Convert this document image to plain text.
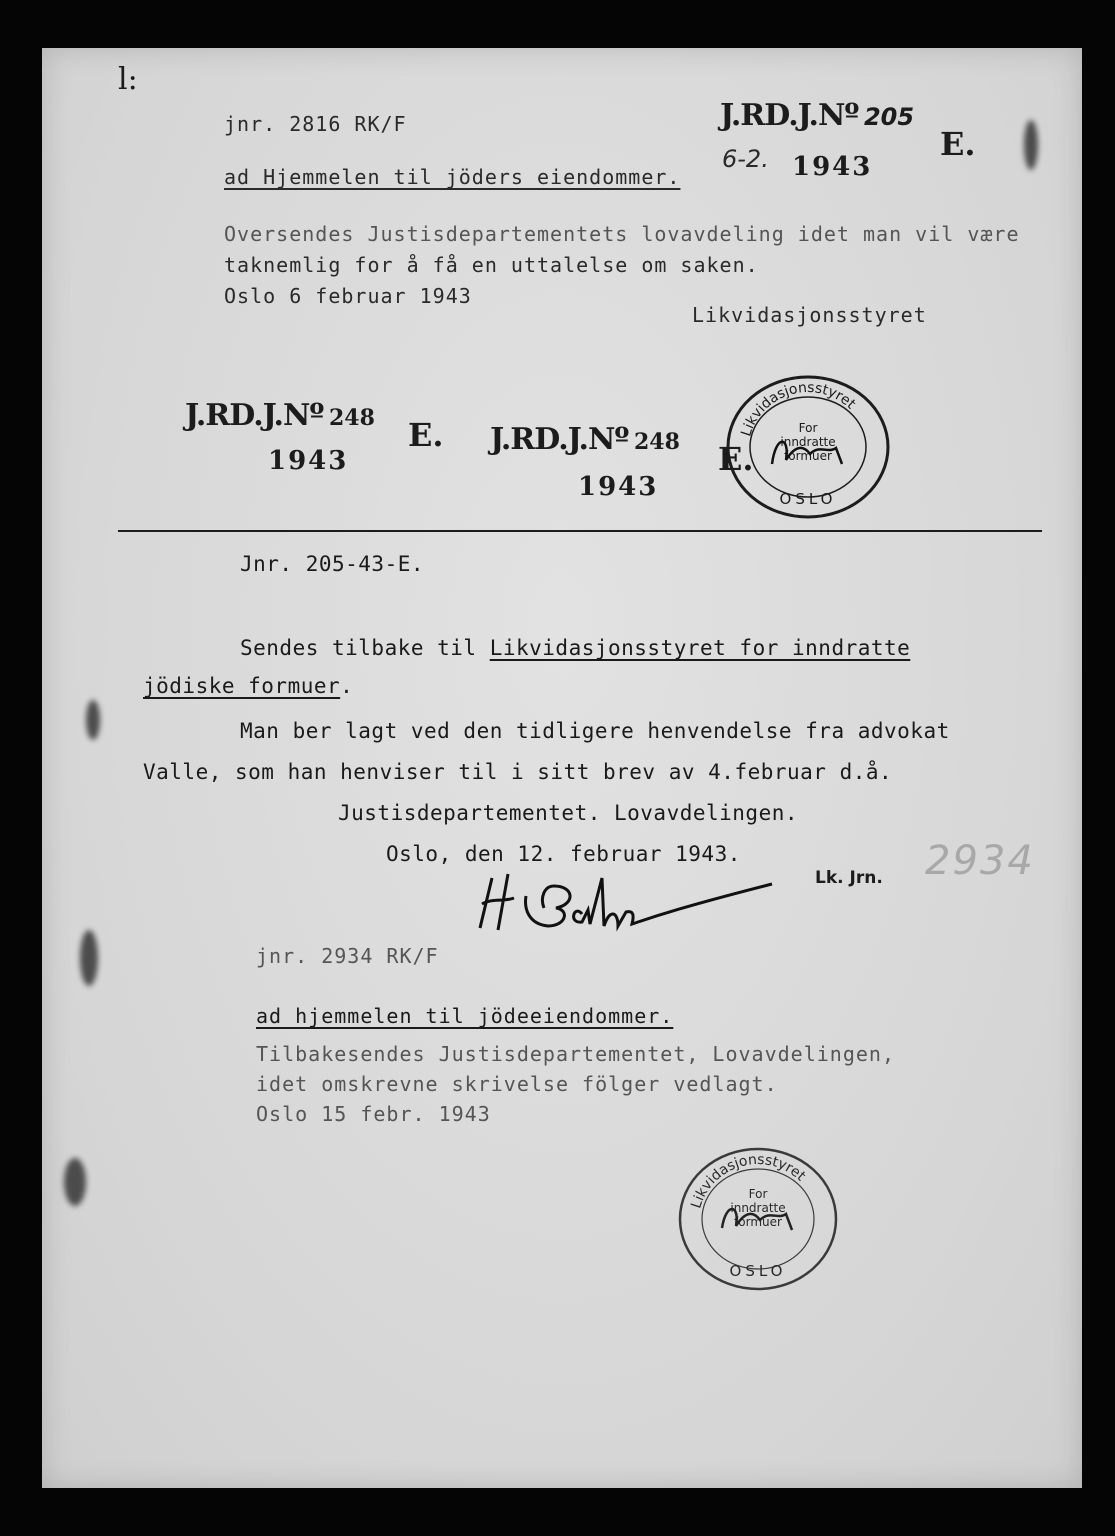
l:
jnr. 2816 RK/F
ad Hjemmelen til jöders eiendommer.
Oversendes Justisdepartementets lovavdeling idet man vil være
taknemlig for å få en uttalelse om saken.
Oslo 6 februar 1943
Likvidasjonsstyret
J.RD.J.Nº 205
E.
6-2. 1943
J.RD.J.Nº 248 E.
1943
J.RD.J.Nº 248 E.
1943
Likvidasjonsstyret
For
inndratte
formuer
OSLO
Jnr. 205-43-E.
Sendes tilbake til Likvidasjonsstyret for inndratte
jödiske formuer.
Man ber lagt ved den tidligere henvendelse fra advokat
Valle, som han henviser til i sitt brev av 4.februar d.å.
Justisdepartementet. Lovavdelingen.
Oslo, den 12. februar 1943.
Lk. Jrn. 2934
jnr. 2934 RK/F
ad hjemmelen til jödeeiendommer.
Tilbakesendes Justisdepartementet, Lovavdelingen,
idet omskrevne skrivelse fölger vedlagt.
Oslo 15 febr. 1943
Likvidasjonsstyret
For
inndratte
formuer
OSLO
